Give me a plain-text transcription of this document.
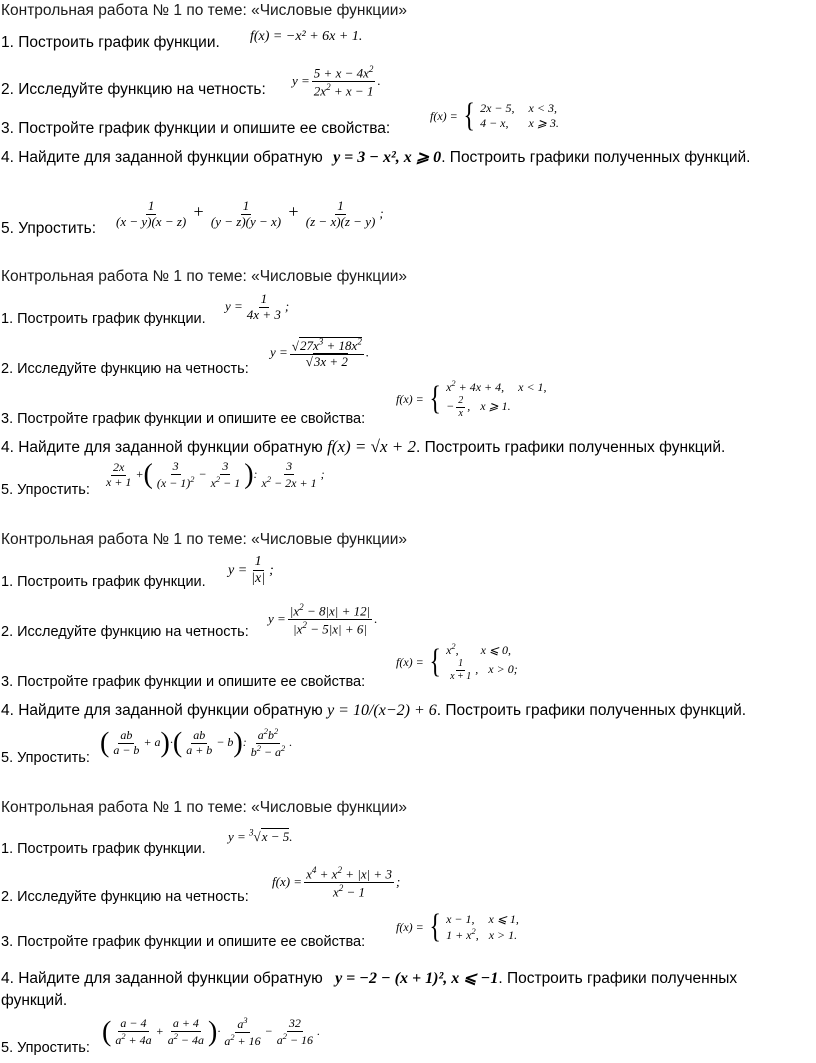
Контрольная работа № 1 по теме: «Числовые функции»
1. Построить график функции. f(x) = −x² + 6x + 1.
2. Исследуйте функцию на четность:
$y = \frac{5 + x - 4x^2}{2x^2 + x - 1}$ .
3. Постройте график функции и опишите ее свойства:
f(x) = { 2x − 5, x < 3,
4 − x, x ⩾ 3.
4. Найдите для заданной функции обратную y = 3 − x², x ⩾ 0. Построить графики полученных функций.
5. Упростить: $\frac{1}{(x - y)(x - z)} + \frac{1}{(y - z)(y - x)} + \frac{1}{(z - x)(z - y)}$ ;
Контрольная работа № 1 по теме: «Числовые функции»
1. Построить график функции.
$y = \frac{1}{4x + 3}$ ;
2. Исследуйте функцию на четность:
$y = \frac{√27x^3 + 18x^2}{√3x + 2}$ .
3. Постройте график функции и опишите ее свойства:
f(x) = { $x^2 + 4x + 4$, x < 1,
− $\frac{2}{x}$ , x ⩾ 1.
4. Найдите для заданной функции обратную f(x) = √x + 2. Построить графики полученных функций.
5. Упростить:
$\frac{2x}{x + 1}$ +( $\frac{3}{(x - 1)^2} - \frac{3}{x^2 - 1}$ ): $\frac{3}{x^2 - 2x + 1}$ ;
Контрольная работа № 1 по теме: «Числовые функции»
1. Построить график функции.
$y = \frac{1}{|x|}$ ;
2. Исследуйте функцию на четность:
$y = \frac{|x^2 - 8|x| + 12|}{|x^2 - 5|x| + 6|}$ .
3. Постройте график функции и опишите ее свойства:
f(x) = { $x^2$, x ⩽ 0,
$\frac{1}{x + 1}$ , x > 0;
4. Найдите для заданной функции обратную y = 10/(x−2) + 6. Построить графики полученных функций.
5. Упростить: ( $\frac{ab}{a - b} + a)\cdot( \frac{ab}{a + b} - b)$: $\frac{a^2b^2}{b^2 - a^2}$ .
Контрольная работа № 1 по теме: «Числовые функции»
1. Построить график функции.
y = $^3$√x − 5.
2. Исследуйте функцию на четность:
$f(x) = \frac{x^4 + x^2 + |x| + 3}{x^2 - 1}$ ;
3. Постройте график функции и опишите ее свойства:
f(x) = { x − 1, x ⩽ 1,
$1 + x^2$, x > 1.
4. Найдите для заданной функции обратную y = −2 − (x + 1)², x ⩽ −1. Построить графики полученных функций.
5. Упростить:
( $\frac{a - 4}{a^2 + 4a} + \frac{a + 4}{a^2 - 4a}$ )· $\frac{a^3}{a^2 + 16} - \frac{32}{a^2 - 16}$ .
